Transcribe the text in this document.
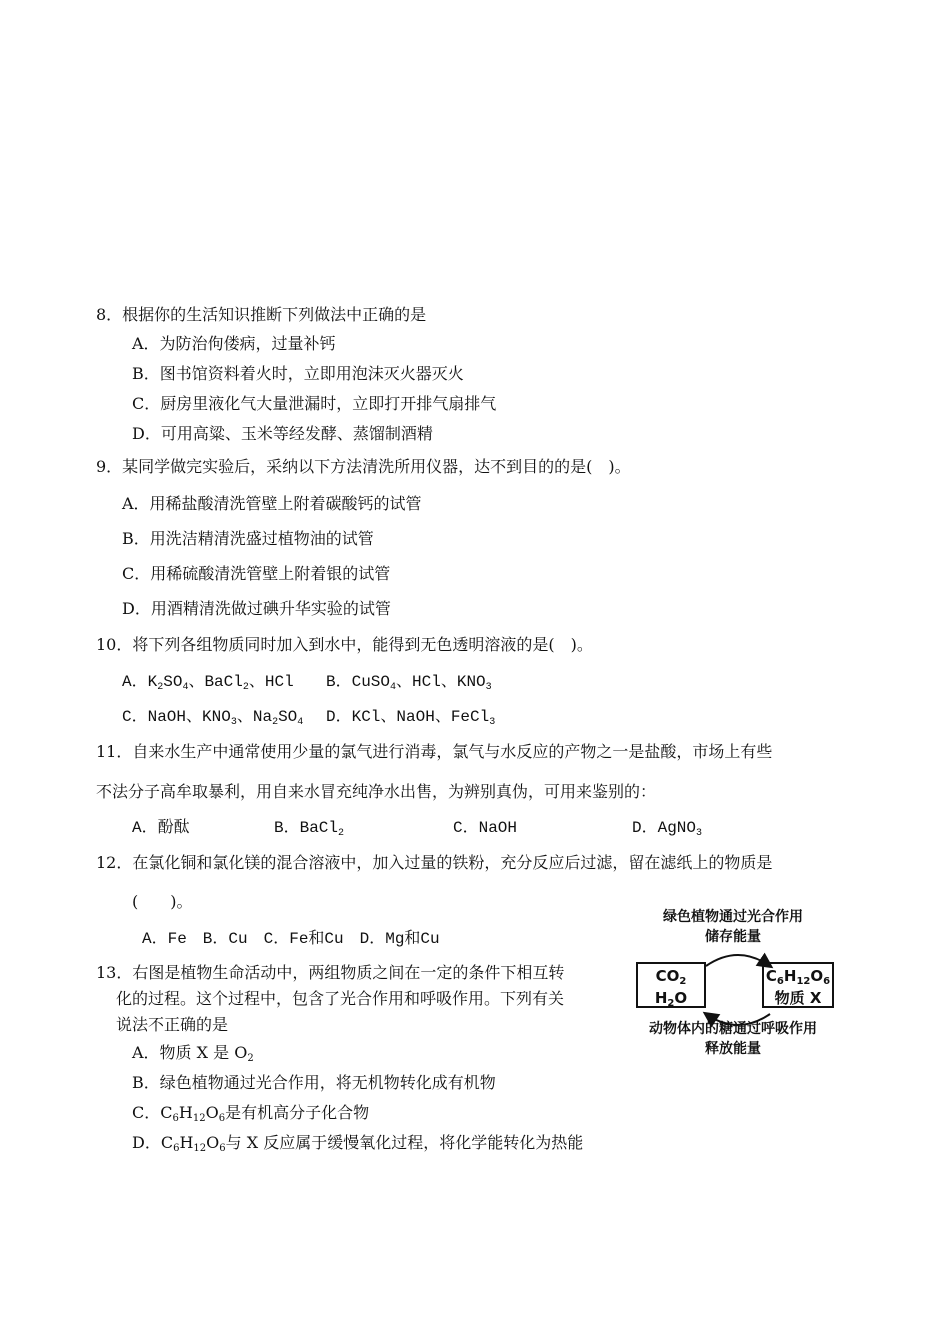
8．根据你的生活知识推断下列做法中正确的是
A．为防治佝偻病，过量补钙
B．图书馆资料着火时，立即用泡沫灭火器灭火
C．厨房里液化气大量泄漏时，立即打开排气扇排气
D．可用高粱、玉米等经发酵、蒸馏制酒精
9．某同学做完实验后，采纳以下方法清洗所用仪器，达不到目的的是(　)。
A．用稀盐酸清洗管壁上附着碳酸钙的试管
B．用洗洁精清洗盛过植物油的试管
C．用稀硫酸清洗管壁上附着银的试管
D．用酒精清洗做过碘升华实验的试管
10．将下列各组物质同时加入到水中，能得到无色透明溶液的是(　)。
A．$K_2SO_4$、BaCl$_2$、HCl B．CuSO$_4$、HCl、$KNO_3$
C．NaOH、$KNO_3$、$Na_2SO_4$ D．KCl、NaOH、FeCl$_3$
11．自来水生产中通常使用少量的氯气进行消毒，氯气与水反应的产物之一是盐酸，市场上有些
不法分子高牟取暴利，用自来水冒充纯净水出售，为辨别真伪，可用来鉴别的：
A．酚酞	B．BaCl$_2$	C．NaOH	D．AgNO$_3$
12．在氯化铜和氯化镁的混合溶液中，加入过量的铁粉，充分反应后过滤，留在滤纸上的物质是
(　　)。
A．Fe　B．Cu　C．Fe和Cu　D．Mg和Cu
13．右图是植物生命活动中，两组物质之间在一定的条件下相互转
化的过程。这个过程中，包含了光合作用和呼吸作用。下列有关
说法不正确的是
A．物质 X 是 $O_2$
B．绿色植物通过光合作用，将无机物转化成有机物
C．$C_6H_{12}O_6$是有机高分子化合物
D．$C_6H_{12}O_6$与 X 反应属于缓慢氧化过程，将化学能转化为热能
绿色植物通过光合作用
储存能量
$CO_2$
$H_2O$
$C_6H_{12}O_6$
物质 X
动物体内的糖通过呼吸作用
释放能量
